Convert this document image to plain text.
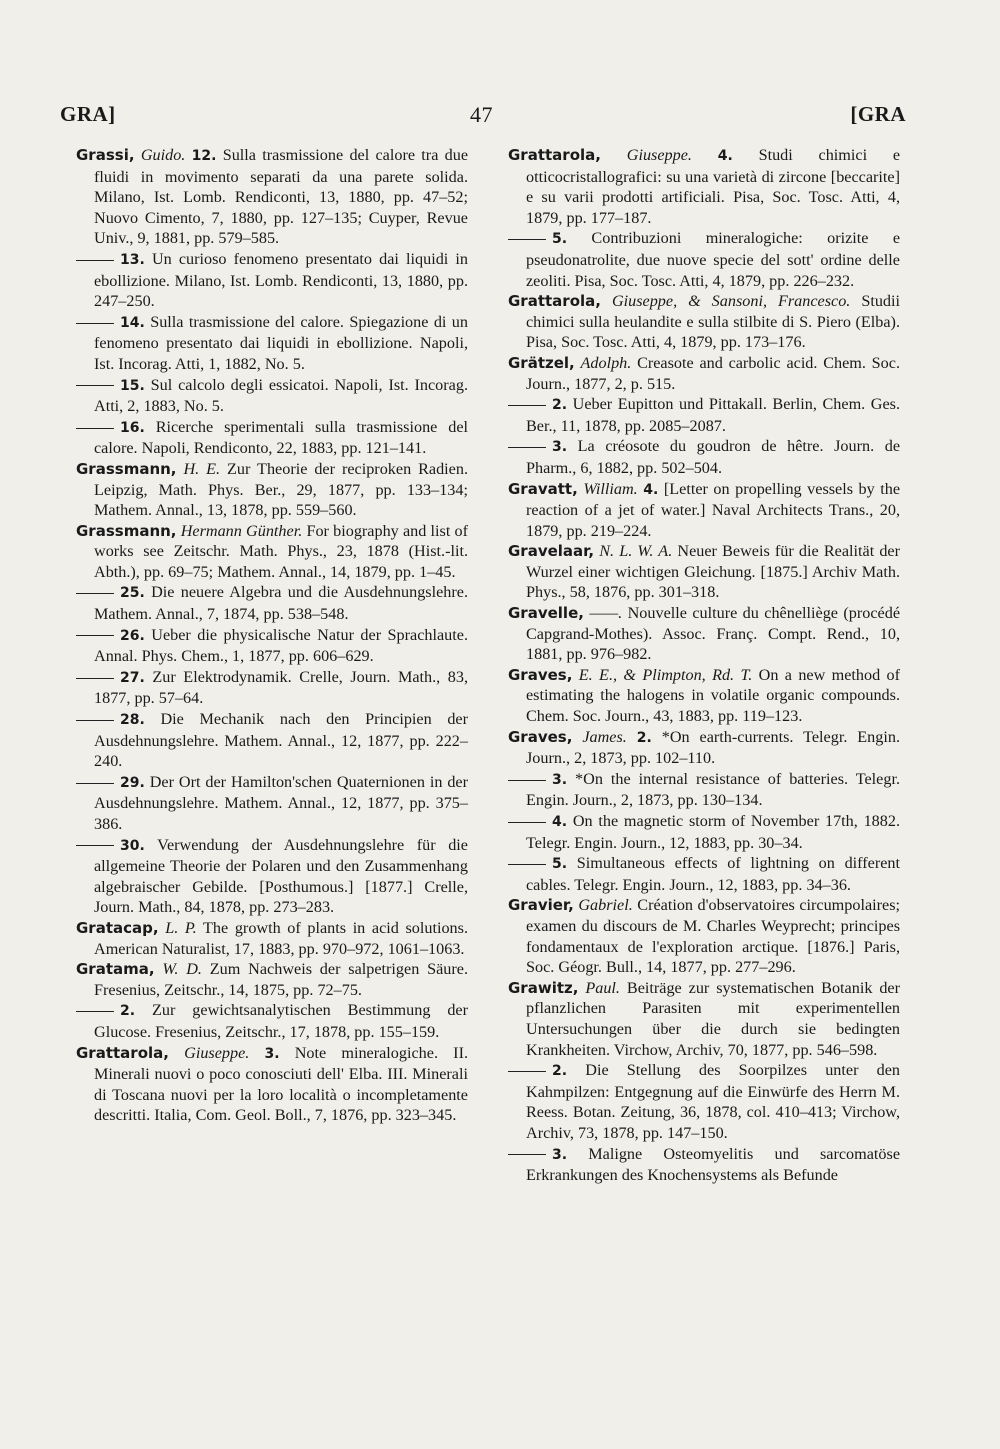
GRA]	47	[GRA

Grassi, Guido. 12. Sulla trasmissione del calore tra due fluidi in movimento separati da una parete solida. Milano, Ist. Lomb. Rendiconti, 13, 1880, pp. 47–52; Nuovo Cimento, 7, 1880, pp. 127–135; Cuyper, Revue Univ., 9, 1881, pp. 579–585.

13. Un curioso fenomeno presentato dai liquidi in ebollizione. Milano, Ist. Lomb. Rendiconti, 13, 1880, pp. 247–250.

14. Sulla trasmissione del calore. Spiegazione di un fenomeno presentato dai liquidi in ebollizione. Napoli, Ist. Incorag. Atti, 1, 1882, No. 5.

15. Sul calcolo degli essicatoi. Napoli, Ist. Incorag. Atti, 2, 1883, No. 5.

16. Ricerche sperimentali sulla trasmissione del calore. Napoli, Rendiconto, 22, 1883, pp. 121–141.

Grassmann, H. E. Zur Theorie der reciproken Radien. Leipzig, Math. Phys. Ber., 29, 1877, pp. 133–134; Mathem. Annal., 13, 1878, pp. 559–560.

Grassmann, Hermann Günther. For biography and list of works see Zeitschr. Math. Phys., 23, 1878 (Hist.-lit. Abth.), pp. 69–75; Mathem. Annal., 14, 1879, pp. 1–45.

25. Die neuere Algebra und die Ausdehnungslehre. Mathem. Annal., 7, 1874, pp. 538–548.

26. Ueber die physicalische Natur der Sprachlaute. Annal. Phys. Chem., 1, 1877, pp. 606–629.

27. Zur Elektrodynamik. Crelle, Journ. Math., 83, 1877, pp. 57–64.

28. Die Mechanik nach den Principien der Ausdehnungslehre. Mathem. Annal., 12, 1877, pp. 222–240.

29. Der Ort der Hamilton'schen Quaternionen in der Ausdehnungslehre. Mathem. Annal., 12, 1877, pp. 375–386.

30. Verwendung der Ausdehnungslehre für die allgemeine Theorie der Polaren und den Zusammenhang algebraischer Gebilde. [Posthumous.] [1877.] Crelle, Journ. Math., 84, 1878, pp. 273–283.

Gratacap, L. P. The growth of plants in acid solutions. American Naturalist, 17, 1883, pp. 970–972, 1061–1063.

Gratama, W. D. Zum Nachweis der salpetrigen Säure. Fresenius, Zeitschr., 14, 1875, pp. 72–75.

2. Zur gewichtsanalytischen Bestimmung der Glucose. Fresenius, Zeitschr., 17, 1878, pp. 155–159.

Grattarola, Giuseppe. 3. Note mineralogiche. II. Minerali nuovi o poco conosciuti dell' Elba. III. Minerali di Toscana nuovi per la loro località o incompletamente descritti. Italia, Com. Geol. Boll., 7, 1876, pp. 323–345.

Grattarola, Giuseppe. 4. Studi chimici e otticocristallografici: su una varietà di zircone [beccarite] e su varii prodotti artificiali. Pisa, Soc. Tosc. Atti, 4, 1879, pp. 177–187.

5. Contribuzioni mineralogiche: orizite e pseudonatrolite, due nuove specie del sott' ordine delle zeoliti. Pisa, Soc. Tosc. Atti, 4, 1879, pp. 226–232.

Grattarola, Giuseppe, & Sansoni, Francesco. Studii chimici sulla heulandite e sulla stilbite di S. Piero (Elba). Pisa, Soc. Tosc. Atti, 4, 1879, pp. 173–176.

Grätzel, Adolph. Creasote and carbolic acid. Chem. Soc. Journ., 1877, 2, p. 515.

2. Ueber Eupitton und Pittakall. Berlin, Chem. Ges. Ber., 11, 1878, pp. 2085–2087.

3. La créosote du goudron de hêtre. Journ. de Pharm., 6, 1882, pp. 502–504.

Gravatt, William. 4. [Letter on propelling vessels by the reaction of a jet of water.] Naval Architects Trans., 20, 1879, pp. 219–224.

Gravelaar, N. L. W. A. Neuer Beweis für die Realität der Wurzel einer wichtigen Gleichung. [1875.] Archiv Math. Phys., 58, 1876, pp. 301–318.

Gravelle, ——. Nouvelle culture du chênelliège (procédé Capgrand-Mothes). Assoc. Franç. Compt. Rend., 10, 1881, pp. 976–982.

Graves, E. E., & Plimpton, Rd. T. On a new method of estimating the halogens in volatile organic compounds. Chem. Soc. Journ., 43, 1883, pp. 119–123.

Graves, James. 2. *On earth-currents. Telegr. Engin. Journ., 2, 1873, pp. 102–110.

3. *On the internal resistance of batteries. Telegr. Engin. Journ., 2, 1873, pp. 130–134.

4. On the magnetic storm of November 17th, 1882. Telegr. Engin. Journ., 12, 1883, pp. 30–34.

5. Simultaneous effects of lightning on different cables. Telegr. Engin. Journ., 12, 1883, pp. 34–36.

Gravier, Gabriel. Création d'observatoires circumpolaires; examen du discours de M. Charles Weyprecht; principes fondamentaux de l'exploration arctique. [1876.] Paris, Soc. Géogr. Bull., 14, 1877, pp. 277–296.

Grawitz, Paul. Beiträge zur systematischen Botanik der pflanzlichen Parasiten mit experimentellen Untersuchungen über die durch sie bedingten Krankheiten. Virchow, Archiv, 70, 1877, pp. 546–598.

2. Die Stellung des Soorpilzes unter den Kahmpilzen: Entgegnung auf die Einwürfe des Herrn M. Reess. Botan. Zeitung, 36, 1878, col. 410–413; Virchow, Archiv, 73, 1878, pp. 147–150.

3. Maligne Osteomyelitis und sarcomatöse Erkrankungen des Knochensystems als Befunde
